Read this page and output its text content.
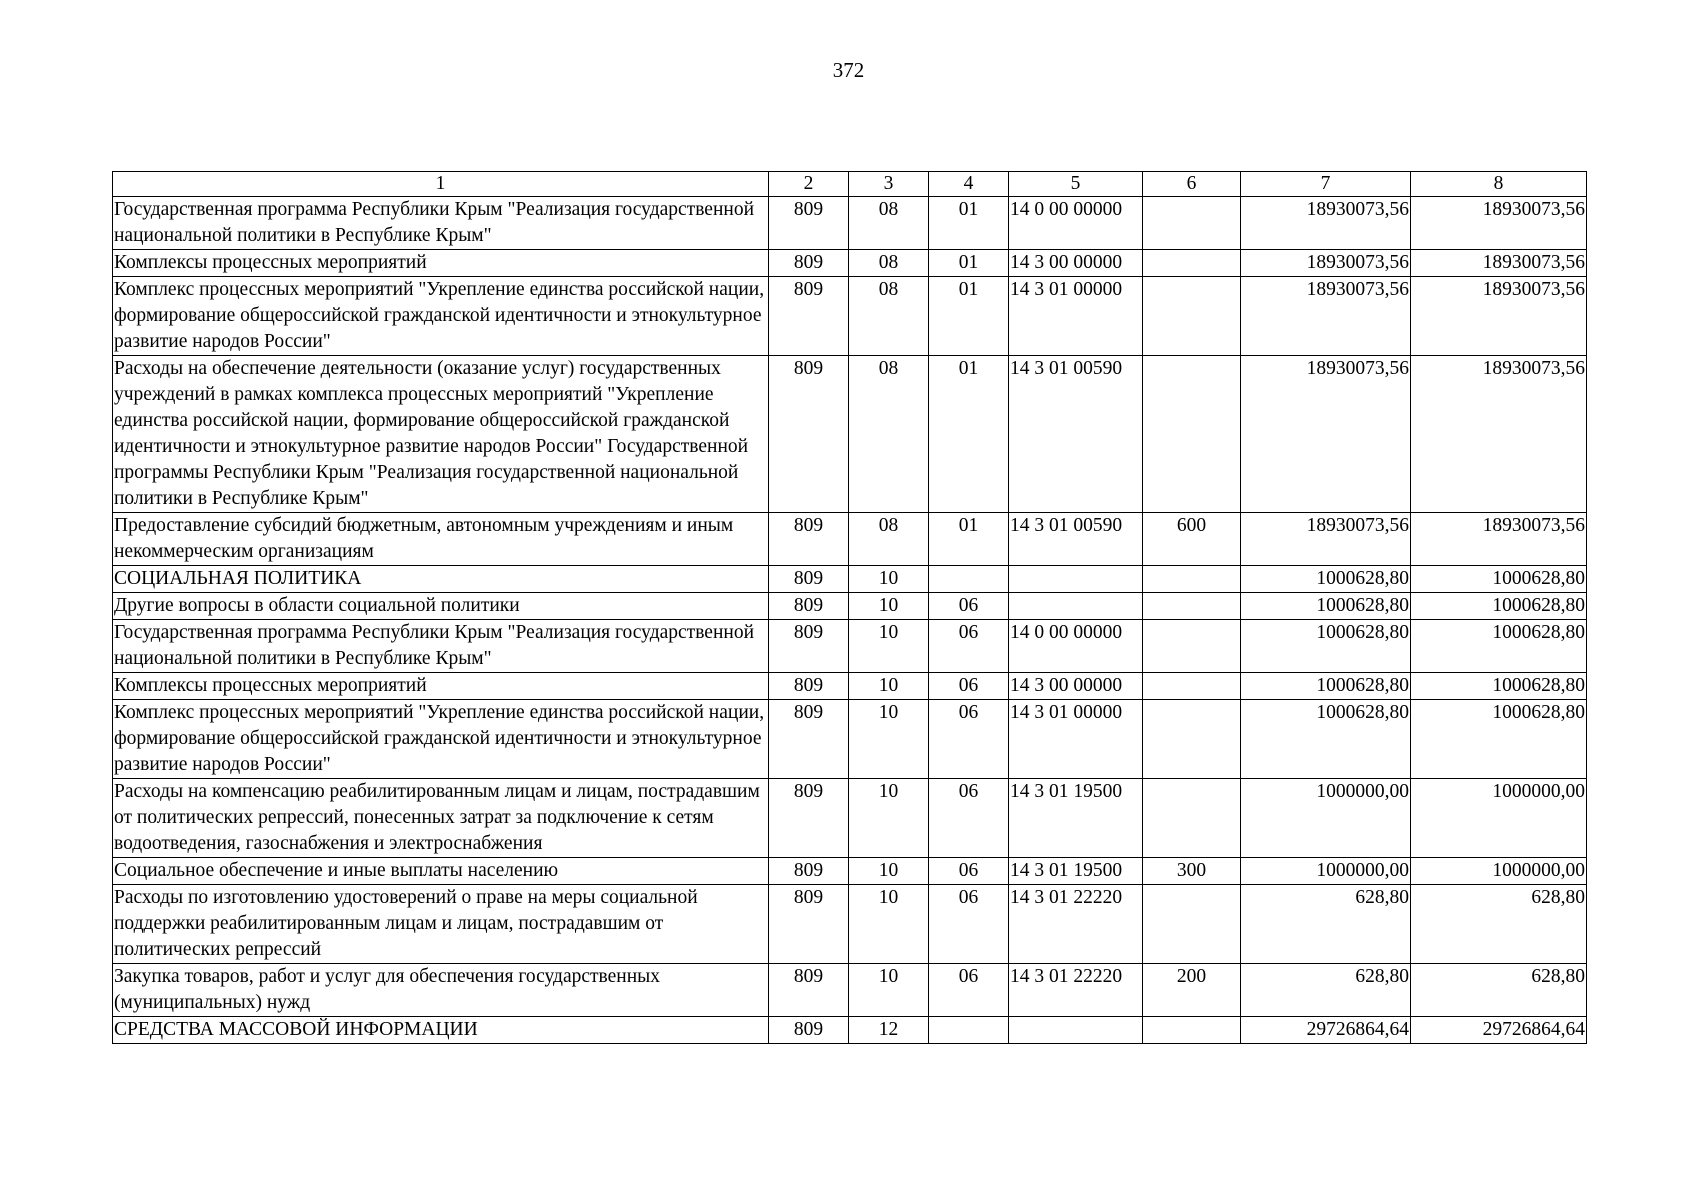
372
1	2	3	4	5	6	7	8
Государственная программа Республики Крым "Реализация государственной национальной политики в Республике Крым"	809	08	01	14 0 00 00000		18930073,56	18930073,56

Комплексы процессных мероприятий	809	08	01	14 3 00 00000		18930073,56	18930073,56

Комплекс процессных мероприятий "Укрепление единства российской нации, формирование общероссийской гражданской идентичности и этнокультурное развитие народов России"	809	08	01	14 3 01 00000		18930073,56	18930073,56

Расходы на обеспечение деятельности (оказание услуг) государственных учреждений в рамках комплекса процессных мероприятий "Укрепление единства российской нации, формирование общероссийской гражданской идентичности и этнокультурное развитие народов России" Государственной программы Республики Крым "Реализация государственной национальной политики в Республике Крым"	809	08	01	14 3 01 00590		18930073,56	18930073,56

Предоставление субсидий бюджетным, автономным учреждениям и иным некоммерческим организациям	809	08	01	14 3 01 00590	600	18930073,56	18930073,56

СОЦИАЛЬНАЯ ПОЛИТИКА	809	10				1000628,80	1000628,80

Другие вопросы в области социальной политики	809	10	06			1000628,80	1000628,80

Государственная программа Республики Крым "Реализация государственной национальной политики в Республике Крым"	809	10	06	14 0 00 00000		1000628,80	1000628,80

Комплексы процессных мероприятий	809	10	06	14 3 00 00000		1000628,80	1000628,80

Комплекс процессных мероприятий "Укрепление единства российской нации, формирование общероссийской гражданской идентичности и этнокультурное развитие народов России"	809	10	06	14 3 01 00000		1000628,80	1000628,80

Расходы на компенсацию реабилитированным лицам и лицам, пострадавшим от политических репрессий, понесенных затрат за подключение к сетям водоотведения, газоснабжения и электроснабжения	809	10	06	14 3 01 19500		1000000,00	1000000,00

Социальное обеспечение и иные выплаты населению	809	10	06	14 3 01 19500	300	1000000,00	1000000,00

Расходы по изготовлению удостоверений о праве на меры социальной поддержки реабилитированным лицам и лицам, пострадавшим от политических репрессий	809	10	06	14 3 01 22220		628,80	628,80

Закупка товаров, работ и услуг для обеспечения государственных (муниципальных) нужд	809	10	06	14 3 01 22220	200	628,80	628,80

СРЕДСТВА МАССОВОЙ ИНФОРМАЦИИ	809	12				29726864,64	29726864,64
